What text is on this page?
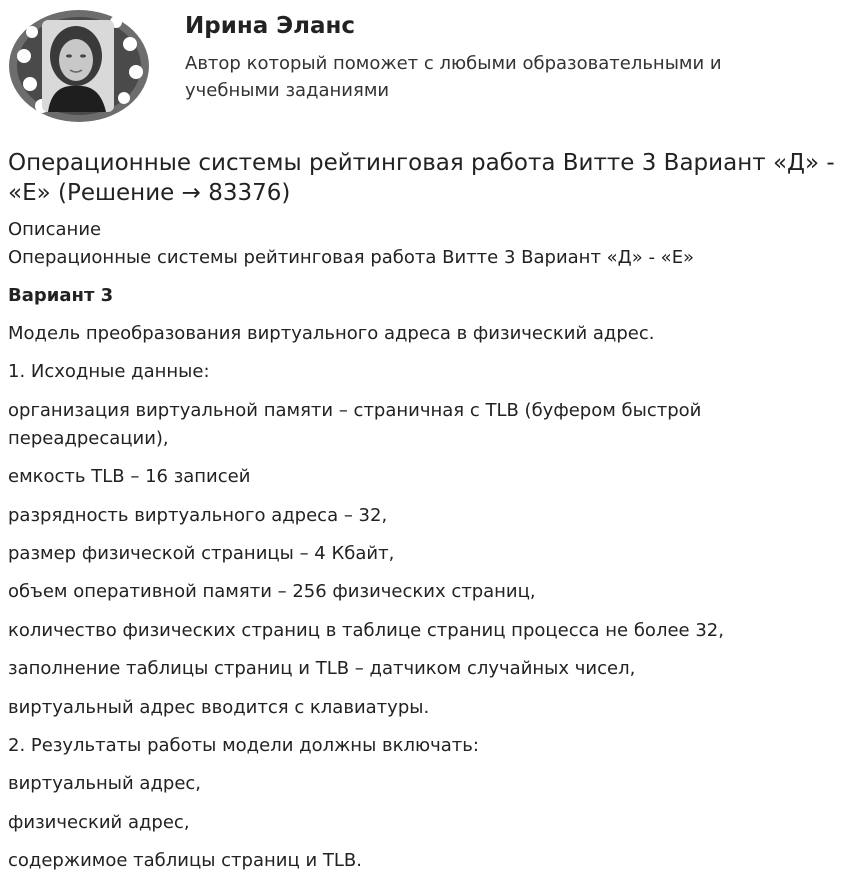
Ирина Эланс

Автор который поможет с любыми образовательными и учебными заданиями

Операционные системы рейтинговая работа Витте 3 Вариант «Д» - «Е» (Решение → 83376)

Описание

Операционные системы рейтинговая работа Витте 3 Вариант «Д» - «Е»

Вариант 3

Модель преобразования виртуального адреса в физический адрес.

1. Исходные данные:

организация виртуальной памяти – страничная с TLB (буфером быстрой переадресации),

емкость TLB – 16 записей

разрядность виртуального адреса – 32,

размер физической страницы – 4 Кбайт,

объем оперативной памяти – 256 физических страниц,

количество физических страниц в таблице страниц процесса не более 32,

заполнение таблицы страниц и TLB – датчиком случайных чисел,

виртуальный адрес вводится с клавиатуры.

2. Результаты работы модели должны включать:

виртуальный адрес,

физический адрес,

содержимое таблицы страниц и TLB.
